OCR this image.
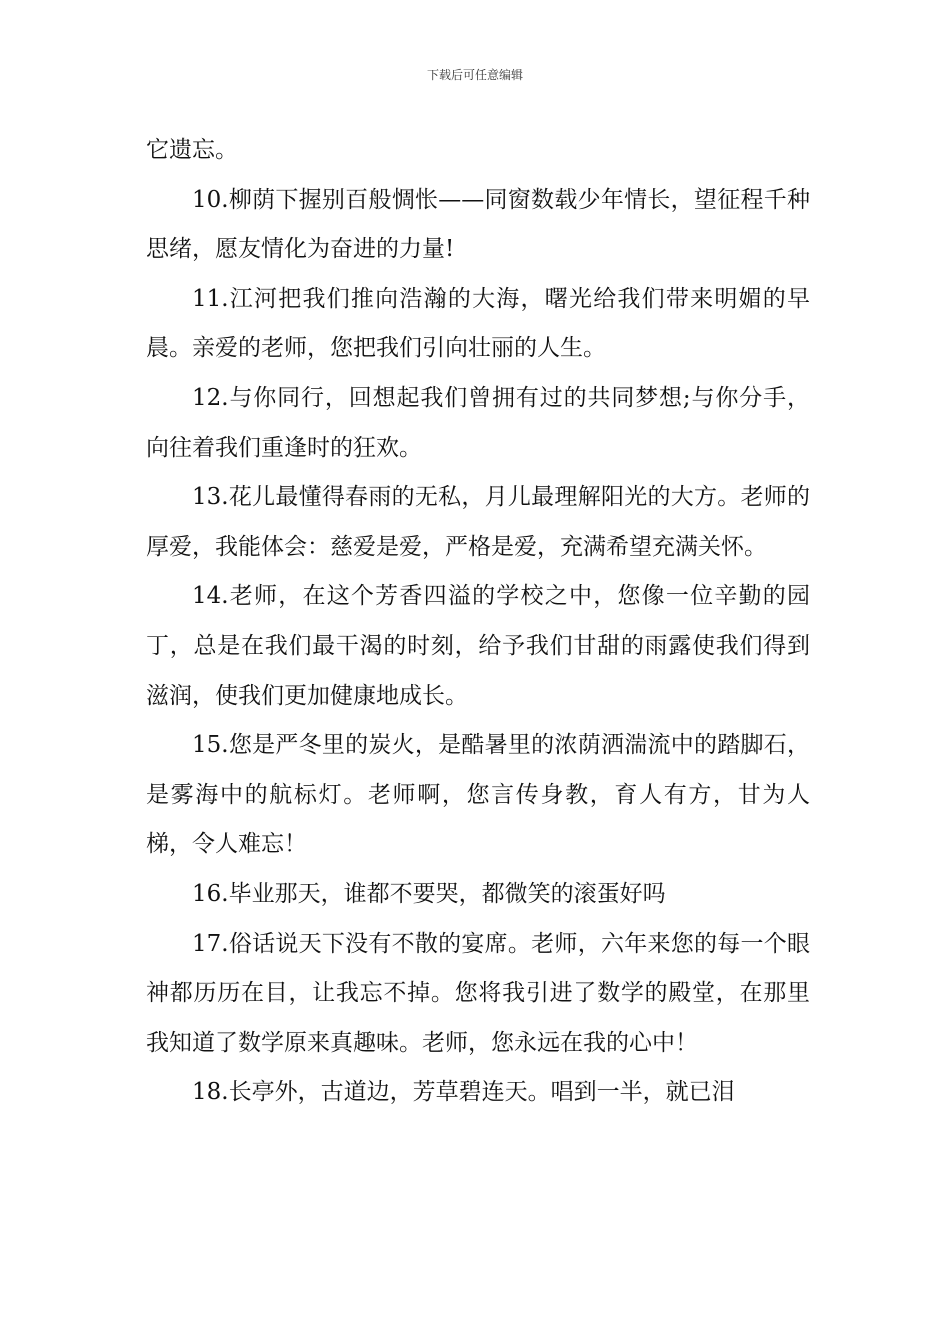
下载后可任意编辑

它遗忘。

10.柳荫下握别百般惆怅——同窗数载少年情长，望征程千种思绪，愿友情化为奋进的力量!

11.江河把我们推向浩瀚的大海，曙光给我们带来明媚的早晨。亲爱的老师，您把我们引向壮丽的人生。

12.与你同行，回想起我们曾拥有过的共同梦想;与你分手，向往着我们重逢时的狂欢。

13.花儿最懂得春雨的无私，月儿最理解阳光的大方。老师的厚爱，我能体会：慈爱是爱，严格是爱，充满希望充满关怀。

14.老师，在这个芳香四溢的学校之中，您像一位辛勤的园丁，总是在我们最干渴的时刻，给予我们甘甜的雨露使我们得到滋润，使我们更加健康地成长。

15.您是严冬里的炭火，是酷暑里的浓荫洒湍流中的踏脚石，是雾海中的航标灯。老师啊，您言传身教，育人有方，甘为人梯，令人难忘！

16.毕业那天，谁都不要哭，都微笑的滚蛋好吗

17.俗话说天下没有不散的宴席。老师，六年来您的每一个眼神都历历在目，让我忘不掉。您将我引进了数学的殿堂，在那里我知道了数学原来真趣味。老师，您永远在我的心中！

18.长亭外，古道边，芳草碧连天。唱到一半，就已泪
